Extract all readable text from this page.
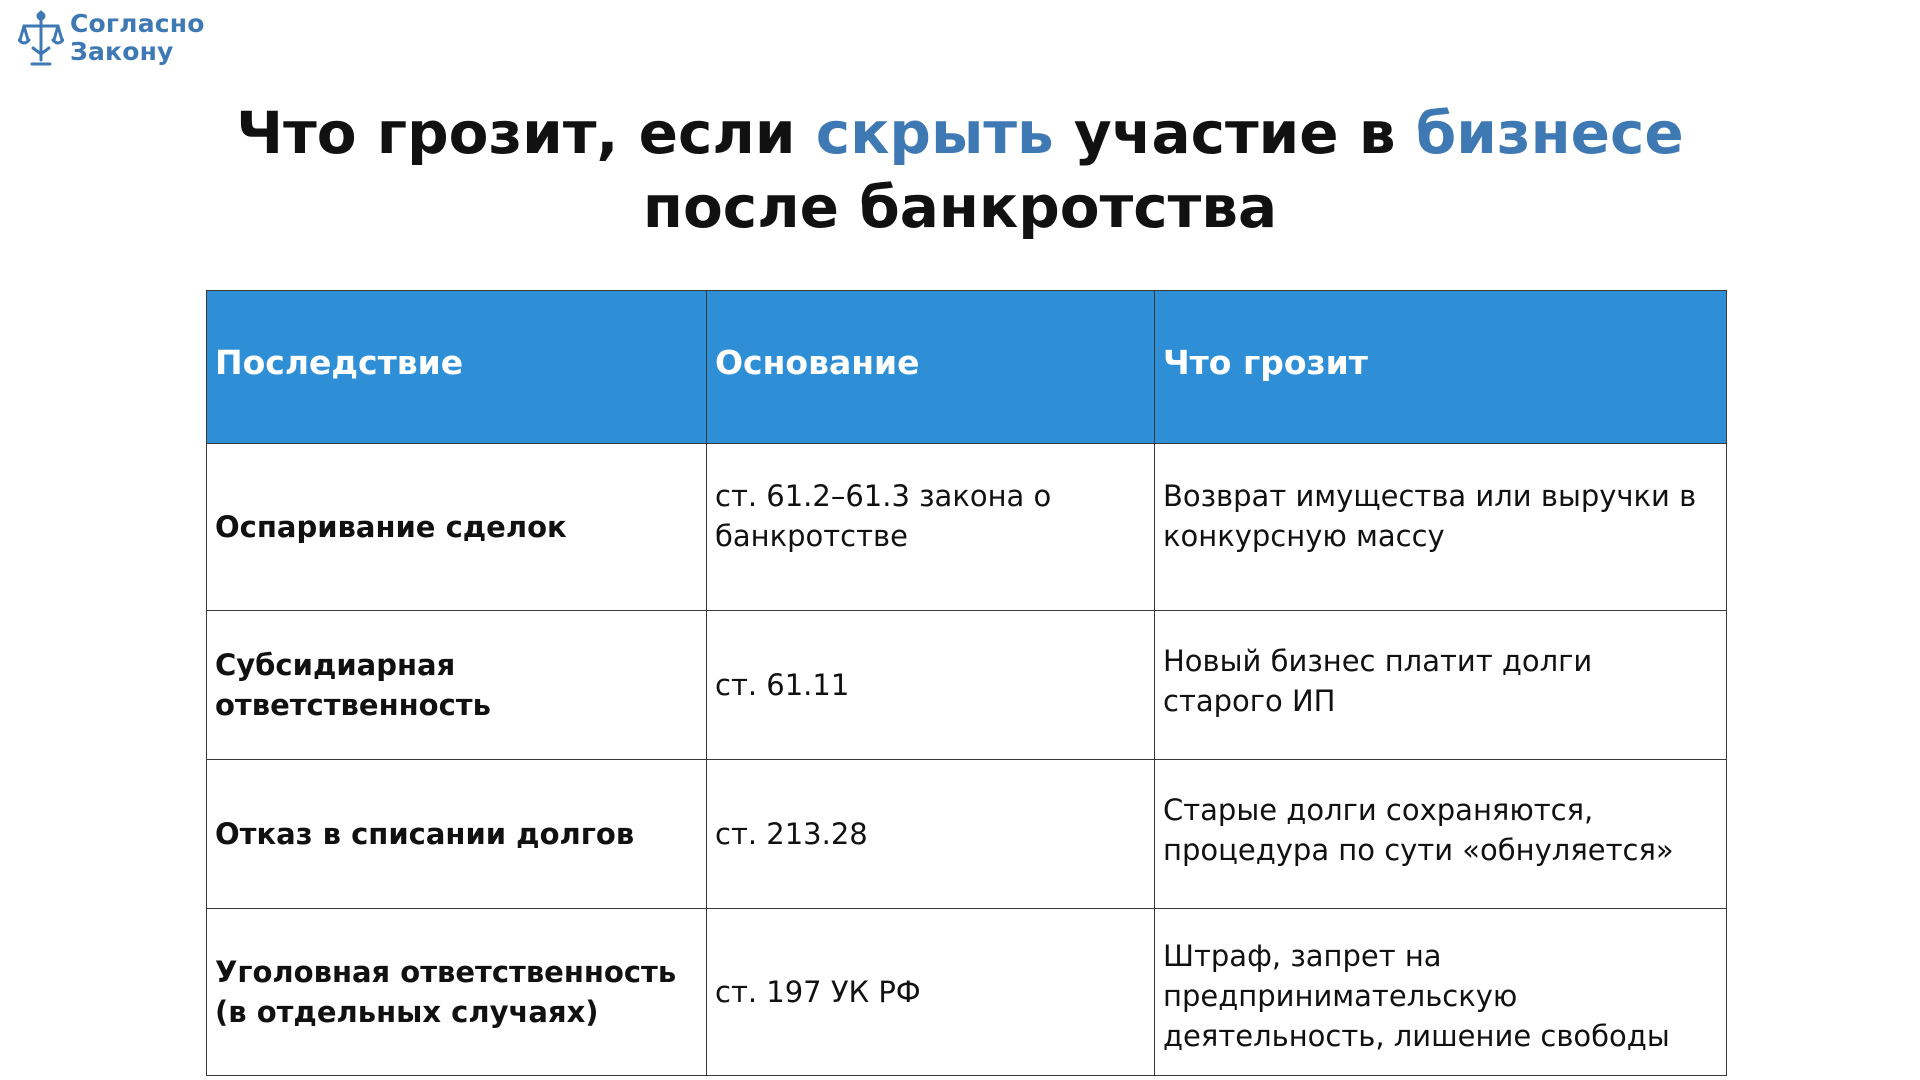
Согласно
Закону
Что грозит, если скрыть участие в бизнесе
после банкротства
Последствие	Основание	Что грозит

Оспаривание сделок	ст. 61.2–61.3 закона о банкротстве	Возврат имущества или выручки в конкурсную массу

Субсидиарная ответственность	ст. 61.11	Новый бизнес платит долги старого ИП

Отказ в списании долгов	ст. 213.28	Старые долги сохраняются, процедура по сути «обнуляется»

Уголовная ответственность (в отдельных случаях)	ст. 197 УК РФ	Штраф, запрет на предпринимательскую деятельность, лишение свободы
